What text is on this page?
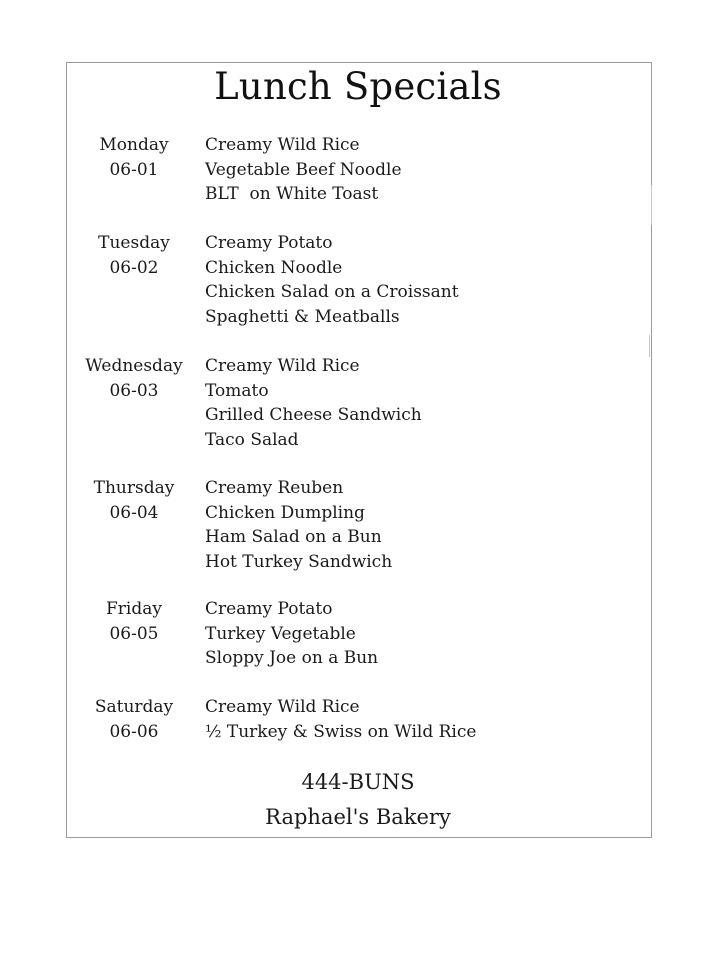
Lunch Specials
Monday
06-01
Creamy Wild Rice
Vegetable Beef Noodle
BLT  on White Toast
Tuesday
06-02
Creamy Potato
Chicken Noodle
Chicken Salad on a Croissant
Spaghetti & Meatballs
Wednesday
06-03
Creamy Wild Rice
Tomato
Grilled Cheese Sandwich
Taco Salad
Thursday
06-04
Creamy Reuben
Chicken Dumpling
Ham Salad on a Bun
Hot Turkey Sandwich
Friday
06-05
Creamy Potato
Turkey Vegetable
Sloppy Joe on a Bun
Saturday
06-06
Creamy Wild Rice
½ Turkey & Swiss on Wild Rice
444-BUNS
Raphael's Bakery
